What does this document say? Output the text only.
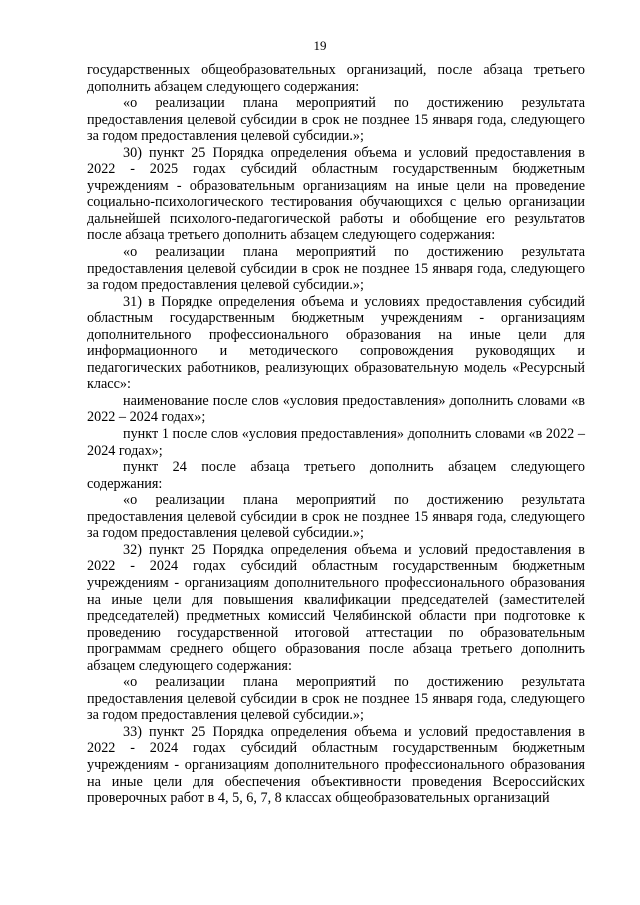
19

государственных общеобразовательных организаций, после абзаца третьего дополнить абзацем следующего содержания:

«о реализации плана мероприятий по достижению результата предоставления целевой субсидии в срок не позднее 15 января года, следующего за годом предоставления целевой субсидии.»;

30) пункт 25 Порядка определения объема и условий предоставления в 2022 - 2025 годах субсидий областным государственным бюджетным учреждениям - образовательным организациям на иные цели на проведение социально-психологического тестирования обучающихся с целью организации дальнейшей психолого-педагогической работы и обобщение его результатов после абзаца третьего дополнить абзацем следующего содержания:

«о реализации плана мероприятий по достижению результата предоставления целевой субсидии в срок не позднее 15 января года, следующего за годом предоставления целевой субсидии.»;

31) в Порядке определения объема и условиях предоставления субсидий областным государственным бюджетным учреждениям - организациям дополнительного профессионального образования на иные цели для информационного и методического сопровождения руководящих и педагогических работников, реализующих образовательную модель «Ресурсный класс»:

наименование после слов «условия предоставления» дополнить словами «в 2022 – 2024 годах»;

пункт 1 после слов «условия предоставления» дополнить словами «в 2022 – 2024 годах»;

пункт 24 после абзаца третьего дополнить абзацем следующего содержания:

«о реализации плана мероприятий по достижению результата предоставления целевой субсидии в срок не позднее 15 января года, следующего за годом предоставления целевой субсидии.»;

32) пункт 25 Порядка определения объема и условий предоставления в 2022 - 2024 годах субсидий областным государственным бюджетным учреждениям - организациям дополнительного профессионального образования на иные цели для повышения квалификации председателей (заместителей председателей) предметных комиссий Челябинской области при подготовке к проведению государственной итоговой аттестации по образовательным программам среднего общего образования после абзаца третьего дополнить абзацем следующего содержания:

«о реализации плана мероприятий по достижению результата предоставления целевой субсидии в срок не позднее 15 января года, следующего за годом предоставления целевой субсидии.»;

33) пункт 25 Порядка определения объема и условий предоставления в 2022 - 2024 годах субсидий областным государственным бюджетным учреждениям - организациям дополнительного профессионального образования на иные цели для обеспечения объективности проведения Всероссийских проверочных работ в 4, 5, 6, 7, 8 классах общеобразовательных организаций
